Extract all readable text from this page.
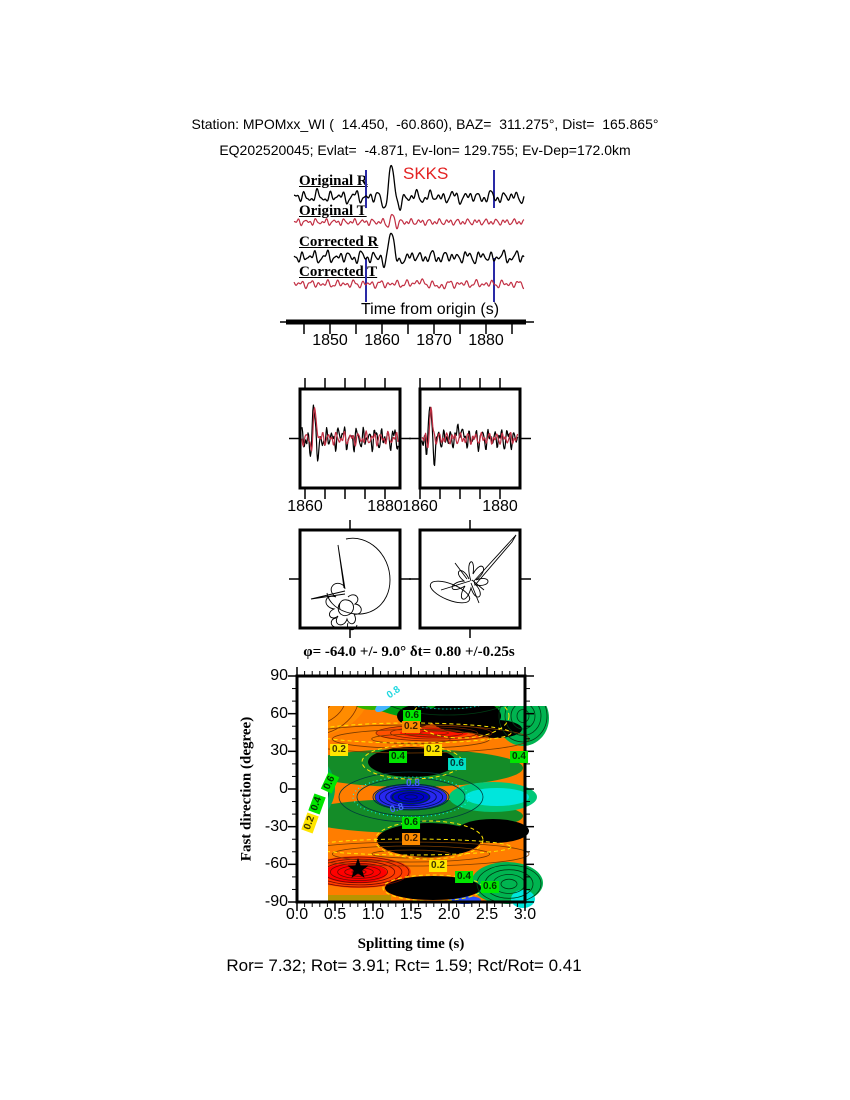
Station: MPOMxx_WI (  14.450,  -60.860), BAZ=  311.275°, Dist=  165.865°
EQ202520045; Evlat=  -4.871, Ev-lon= 129.755; Ev-Dep=172.0km
Original R
Original T
Corrected R
Corrected T
SKKS
Time from origin (s)
φ= -64.0 +/- 9.0° δt= 0.80 +/-0.25s
Fast direction (degree)
0.8
0.6
0.2
0.2	0.2
0.4	0.4
0.6
0.6	0.8
0.8
0.4
0.2	0.6
0.2
0.2
0.4
0.6
Splitting time (s)
Ror= 7.32; Rot= 3.91; Rct= 1.59; Rct/Rot= 0.41
1850 1860 1870 1880
1860	1880 1860	1880
0.0 0.5 1.0 1.5 2.0 2.5 3.0
90
60
30
0
-30
-60
-90
